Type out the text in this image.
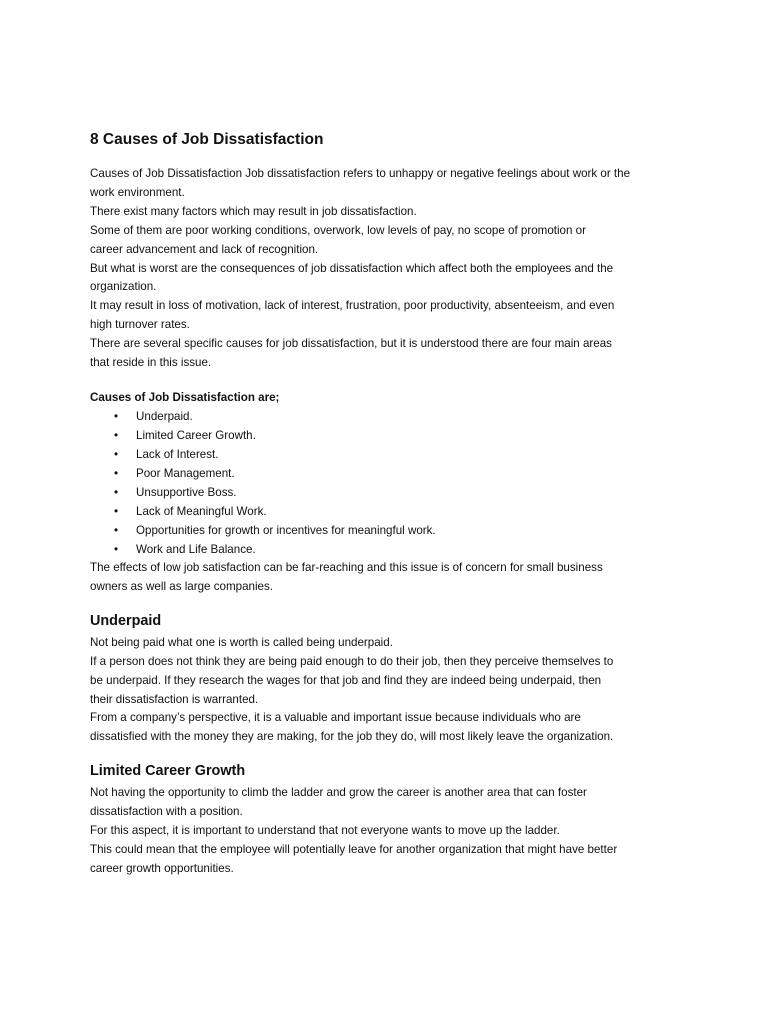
8 Causes of Job Dissatisfaction

Causes of Job Dissatisfaction Job dissatisfaction refers to unhappy or negative feelings about work or the

work environment.

There exist many factors which may result in job dissatisfaction.

Some of them are poor working conditions, overwork, low levels of pay, no scope of promotion or

career advancement and lack of recognition.

But what is worst are the consequences of job dissatisfaction which affect both the employees and the

organization.

It may result in loss of motivation, lack of interest, frustration, poor productivity, absenteeism, and even

high turnover rates.

There are several specific causes for job dissatisfaction, but it is understood there are four main areas

that reside in this issue.

Causes of Job Dissatisfaction are;
• Underpaid.
• Limited Career Growth.
• Lack of Interest.
• Poor Management.
• Unsupportive Boss.
• Lack of Meaningful Work.
• Opportunities for growth or incentives for meaningful work.
• Work and Life Balance.

The effects of low job satisfaction can be far-reaching and this issue is of concern for small business

owners as well as large companies.

Underpaid

Not being paid what one is worth is called being underpaid.

If a person does not think they are being paid enough to do their job, then they perceive themselves to

be underpaid. If they research the wages for that job and find they are indeed being underpaid, then

their dissatisfaction is warranted.

From a company’s perspective, it is a valuable and important issue because individuals who are

dissatisfied with the money they are making, for the job they do, will most likely leave the organization.

Limited Career Growth

Not having the opportunity to climb the ladder and grow the career is another area that can foster

dissatisfaction with a position.

For this aspect, it is important to understand that not everyone wants to move up the ladder.

This could mean that the employee will potentially leave for another organization that might have better

career growth opportunities.
